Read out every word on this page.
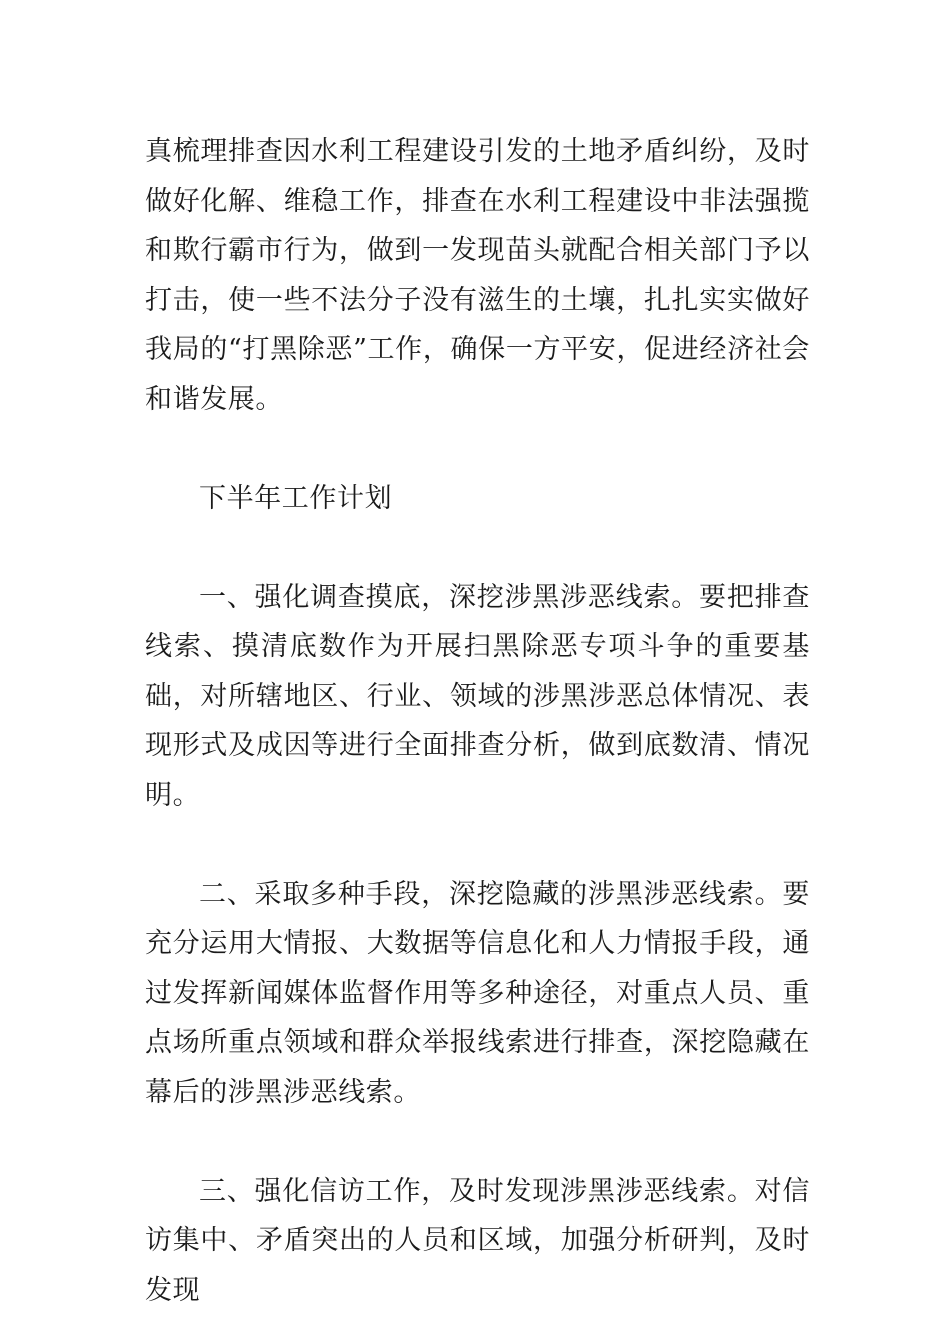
真梳理排查因水利工程建设引发的土地矛盾纠纷，及时做好化解、维稳工作，排查在水利工程建设中非法强揽和欺行霸市行为，做到一发现苗头就配合相关部门予以打击，使一些不法分子没有滋生的土壤，扎扎实实做好我局的“打黑除恶”工作，确保一方平安，促进经济社会和谐发展。

下半年工作计划

一、强化调查摸底，深挖涉黑涉恶线索。要把排查线索、摸清底数作为开展扫黑除恶专项斗争的重要基础，对所辖地区、行业、领域的涉黑涉恶总体情况、表现形式及成因等进行全面排查分析，做到底数清、情况明。

二、采取多种手段，深挖隐藏的涉黑涉恶线索。要充分运用大情报、大数据等信息化和人力情报手段，通过发挥新闻媒体监督作用等多种途径，对重点人员、重点场所重点领域和群众举报线索进行排查，深挖隐藏在幕后的涉黑涉恶线索。

三、强化信访工作，及时发现涉黑涉恶线索。对信访集中、矛盾突出的人员和区域，加强分析研判，及时发现
